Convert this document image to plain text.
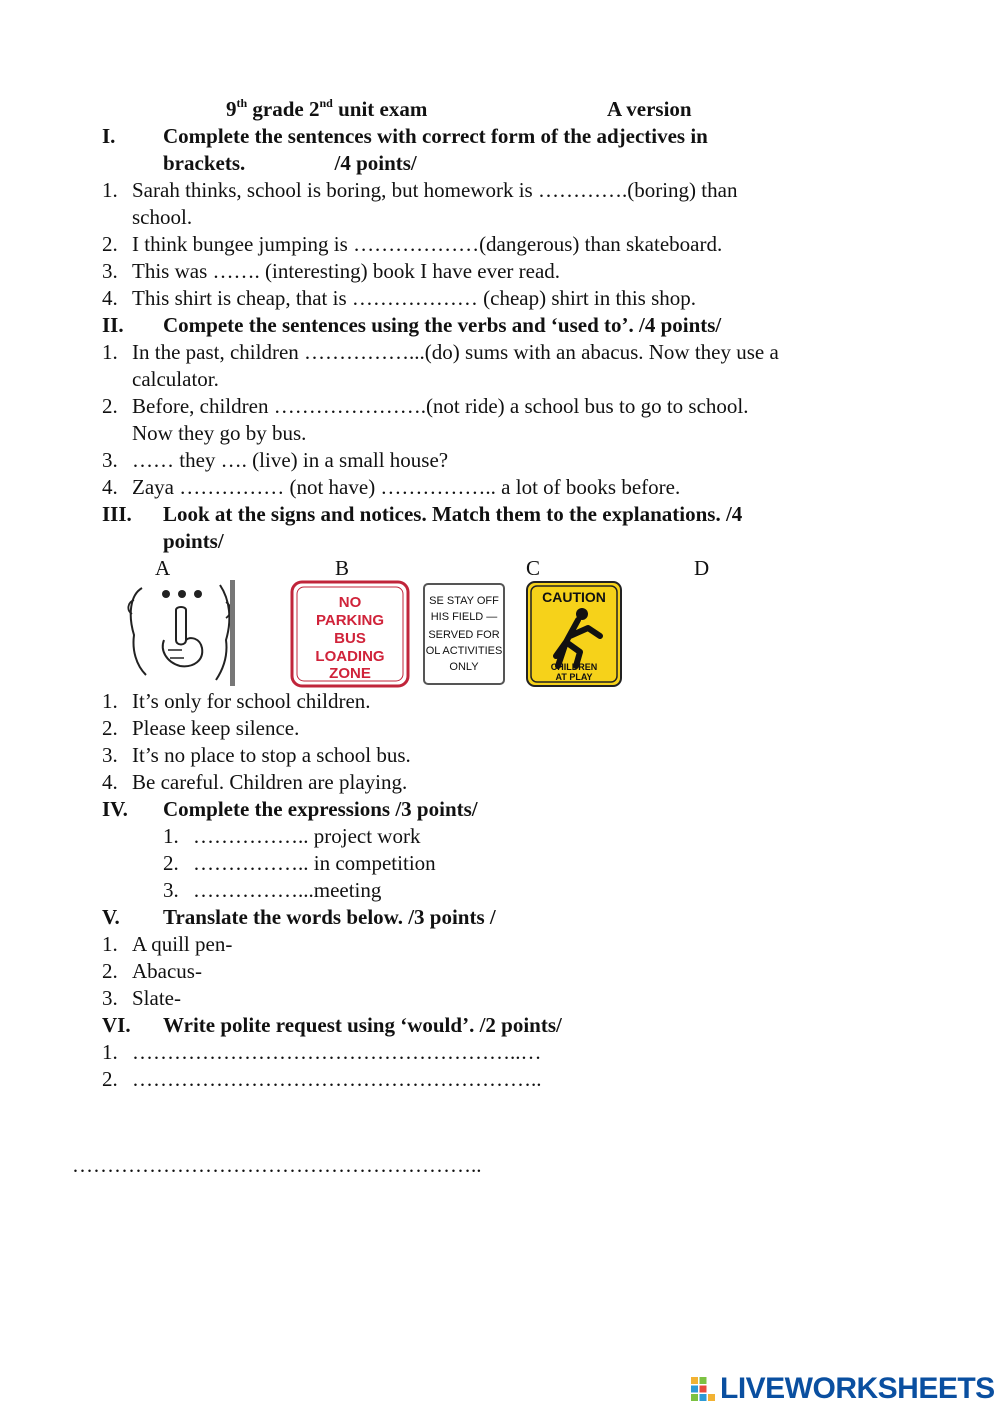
9th grade 2nd unit exam	A version
I. Complete the sentences with correct form of the adjectives in
brackets.                 /4 points/
1. Sarah thinks, school is boring, but homework is ………….(boring) than
school.
2. I think bungee jumping is ………………(dangerous) than skateboard.
3. This was ……. (interesting) book I have ever read.
4. This shirt is cheap, that is ……………… (cheap) shirt in this shop.
II. Compete the sentences using the verbs and ‘used to’. /4 points/
1. In the past, children ……………...(do) sums with an abacus. Now they use a
calculator.
2. Before, children ………………….(not ride) a school bus to go to school.
Now they go by bus.
3. …… they …. (live) in a small house?
4. Zaya …………… (not have) …………….. a lot of books before.
III. Look at the signs and notices. Match them to the explanations. /4
points/
A	B	C	D
NO
PARKING
BUS
LOADING
ZONE
SE STAY OFF
HIS FIELD —
SERVED FOR
OL ACTIVITIES
ONLY
CAUTION
CHILDREN
AT PLAY
1. It’s only for school children.
2. Please keep silence.
3. It’s no place to stop a school bus.
4. Be careful. Children are playing.
IV. Complete the expressions /3 points/
1. …………….. project work
2. …………….. in competition
3. ……………...meeting
V. Translate the words below. /3 points /
1. A quill pen-
2. Abacus-
3. Slate-
VI. Write polite request using ‘would’. /2 points/
1. ………………………………………………..…
2. …………………………………………………..
…………………………………………………..
LIVEWORKSHEETS
